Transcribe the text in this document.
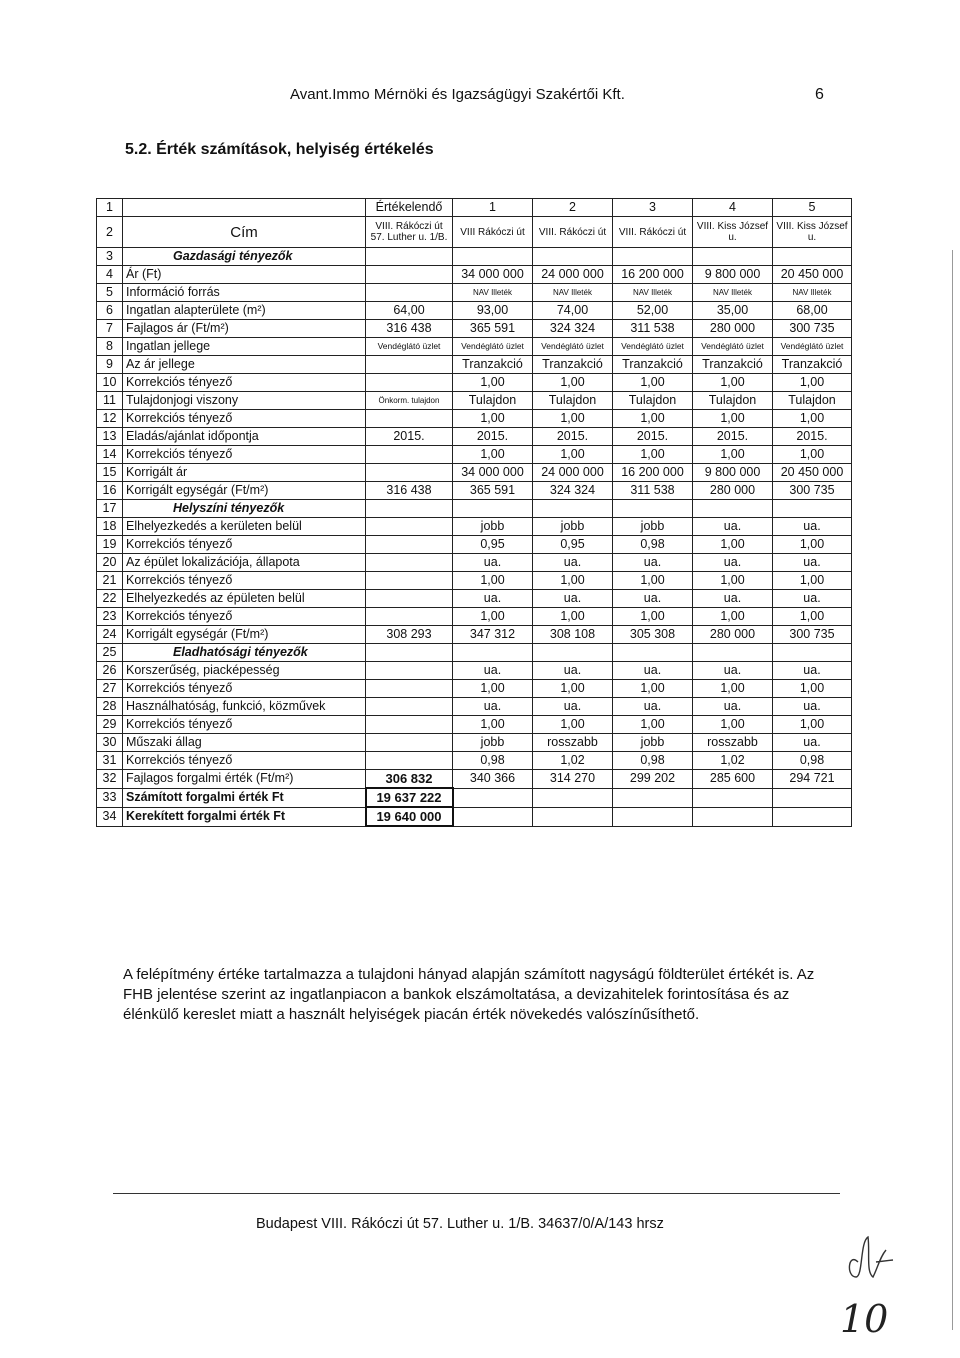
Avant.Immo Mérnöki és Igazságügyi Szakértői Kft.	6
5.2. Érték számítások, helyiség értékelés
1		Értékelendő	1	2	3	4	5
2	Cím	VIII. Rákóczi út 57. Luther u. 1/B.	VIII Rákóczi út	VIII. Rákóczi út	VIII. Rákóczi út	VIII. Kiss József u.	VIII. Kiss József u.
3	Gazdasági tényezők						
4	Ár (Ft)		34 000 000	24 000 000	16 200 000	9 800 000	20 450 000
5	Információ forrás		NAV Illeték	NAV Illeték	NAV Illeték	NAV Illeték	NAV Illeték
6	Ingatlan alapterülete (m²)	64,00	93,00	74,00	52,00	35,00	68,00
7	Fajlagos ár (Ft/m²)	316 438	365 591	324 324	311 538	280 000	300 735
8	Ingatlan jellege	Vendéglátó üzlet	Vendéglátó üzlet	Vendéglátó üzlet	Vendéglátó üzlet	Vendéglátó üzlet	Vendéglátó üzlet
9	Az ár jellege		Tranzakció	Tranzakció	Tranzakció	Tranzakció	Tranzakció
10	Korrekciós tényező		1,00	1,00	1,00	1,00	1,00
11	Tulajdonjogi viszony	Önkorm. tulajdon	Tulajdon	Tulajdon	Tulajdon	Tulajdon	Tulajdon
12	Korrekciós tényező		1,00	1,00	1,00	1,00	1,00
13	Eladás/ajánlat időpontja	2015.	2015.	2015.	2015.	2015.	2015.
14	Korrekciós tényező		1,00	1,00	1,00	1,00	1,00
15	Korrigált ár		34 000 000	24 000 000	16 200 000	9 800 000	20 450 000
16	Korrigált egységár (Ft/m²)	316 438	365 591	324 324	311 538	280 000	300 735
17	Helyszíni tényezők						
18	Elhelyezkedés a kerületen belül		jobb	jobb	jobb	ua.	ua.
19	Korrekciós tényező		0,95	0,95	0,98	1,00	1,00
20	Az épület lokalizációja, állapota		ua.	ua.	ua.	ua.	ua.
21	Korrekciós tényező		1,00	1,00	1,00	1,00	1,00
22	Elhelyezkedés az épületen belül		ua.	ua.	ua.	ua.	ua.
23	Korrekciós tényező		1,00	1,00	1,00	1,00	1,00
24	Korrigált egységár (Ft/m²)	308 293	347 312	308 108	305 308	280 000	300 735
25	Eladhatósági tényezők						
26	Korszerűség, piacképesség		ua.	ua.	ua.	ua.	ua.
27	Korrekciós tényező		1,00	1,00	1,00	1,00	1,00
28	Használhatóság, funkció, közművek		ua.	ua.	ua.	ua.	ua.
29	Korrekciós tényező		1,00	1,00	1,00	1,00	1,00
30	Műszaki állag		jobb	rosszabb	jobb	rosszabb	ua.
31	Korrekciós tényező		0,98	1,02	0,98	1,02	0,98
32	Fajlagos forgalmi érték (Ft/m²)	306 832	340 366	314 270	299 202	285 600	294 721
33	Számított forgalmi érték Ft	19 637 222					
34	Kerekített forgalmi érték Ft	19 640 000					
A felépítmény értéke tartalmazza a tulajdoni hányad alapján számított nagyságú földterület értékét is. Az FHB jelentése szerint az ingatlanpiacon a bankok elszámoltatása, a devizahitelek forintosítása és az élénkülő kereslet miatt a használt helyiségek piacán érték növekedés valószínűsíthető.
Budapest VIII. Rákóczi út 57. Luther u. 1/B. 34637/0/A/143 hrsz
10
